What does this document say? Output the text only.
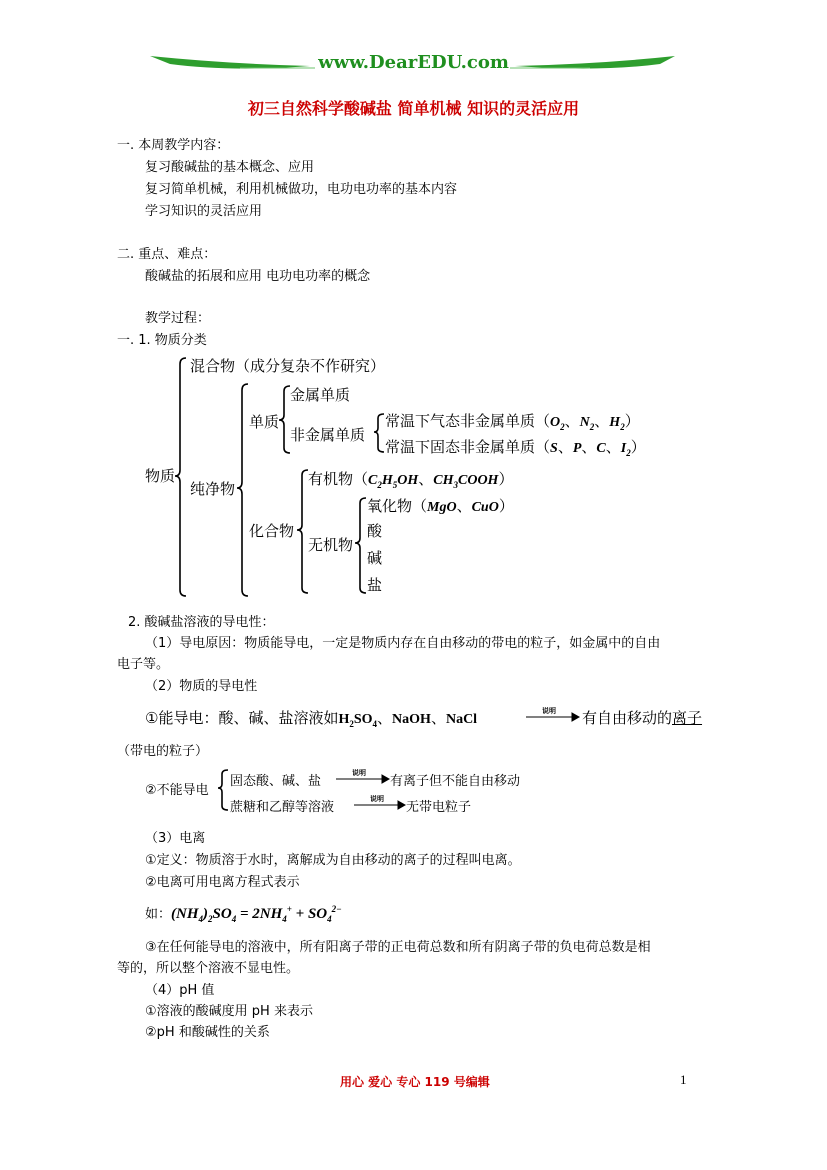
www.DearEDU.com
初三自然科学酸碱盐 简单机械 知识的灵活应用
一. 本周教学内容：
复习酸碱盐的基本概念、应用
复习简单机械，利用机械做功，电功电功率的基本内容
学习知识的灵活应用
二. 重点、难点：
酸碱盐的拓展和应用 电功电功率的概念
教学过程：
一. 1. 物质分类
混合物（成分复杂不作研究）
金属单质
单质
非金属单质
常温下气态非金属单质（$O_2$、$N_2$、$H_2$）
常温下固态非金属单质（S、P、C、$I_2$）
物质
纯净物
有机物（$C_2H_5OH$、$CH_3COOH$）
氧化物（MgO、CuO）
化合物	酸
无机物
碱
盐
2. 酸碱盐溶液的导电性：
（1）导电原因：物质能导电，一定是物质内存在自由移动的带电的粒子，如金属中的自由
电子等。
（2）物质的导电性
①能导电：酸、碱、盐溶液如$H_2SO_4$、NaOH、NaCl
说明 有自由移动的离子
（带电的粒子）
②不能导电
固态酸、碱、盐
说明
有离子但不能自由移动
蔗糖和乙醇等溶液
说明
无带电粒子
（3）电离
①定义：物质溶于水时，离解成为自由移动的离子的过程叫电离。
②电离可用电离方程式表示
如：$(NH_4)_2SO_4 = 2NH_4^+ + SO_4^{2-}$
③在任何能导电的溶液中，所有阳离子带的正电荷总数和所有阴离子带的负电荷总数是相
等的，所以整个溶液不显电性。
（4）pH 值
①溶液的酸碱度用 pH 来表示
②pH 和酸碱性的关系
用心 爱心 专心 119 号编辑	1
